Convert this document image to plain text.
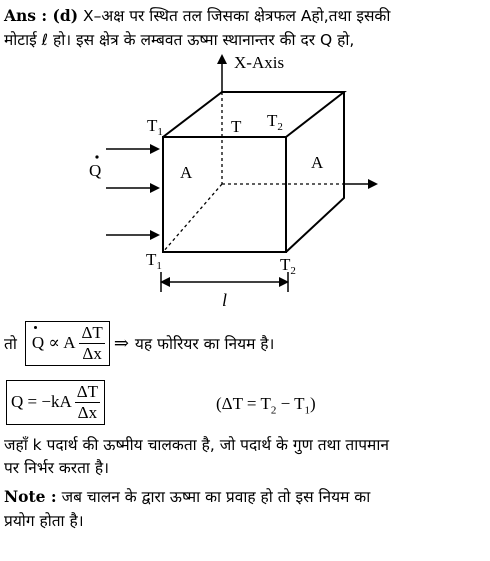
Ans : (d) X–अक्ष पर स्थित तल जिसका क्षेत्रफल Aहो,तथा इसकी
मोटाई ℓ हो। इस क्षेत्र के लम्बवत ऊष्मा स्थानान्तर की दर Q हो,
X-Axis
$T_1$	T $T_2$
Q	A
A
$T_1$	$T_2$
l
तो Q ∝ A $\frac{\Delta T}{\Delta x}$ ⇒ यह फोरियर का नियम है।
$Q = -kA \frac{\Delta T}{\Delta x}$	$(\Delta T = T_2 - T_1)$
जहाँ k पदार्थ की ऊष्मीय चालकता है, जो पदार्थ के गुण तथा तापमान
पर निर्भर करता है।
Note : जब चालन के द्वारा ऊष्मा का प्रवाह हो तो इस नियम का
प्रयोग होता है।
